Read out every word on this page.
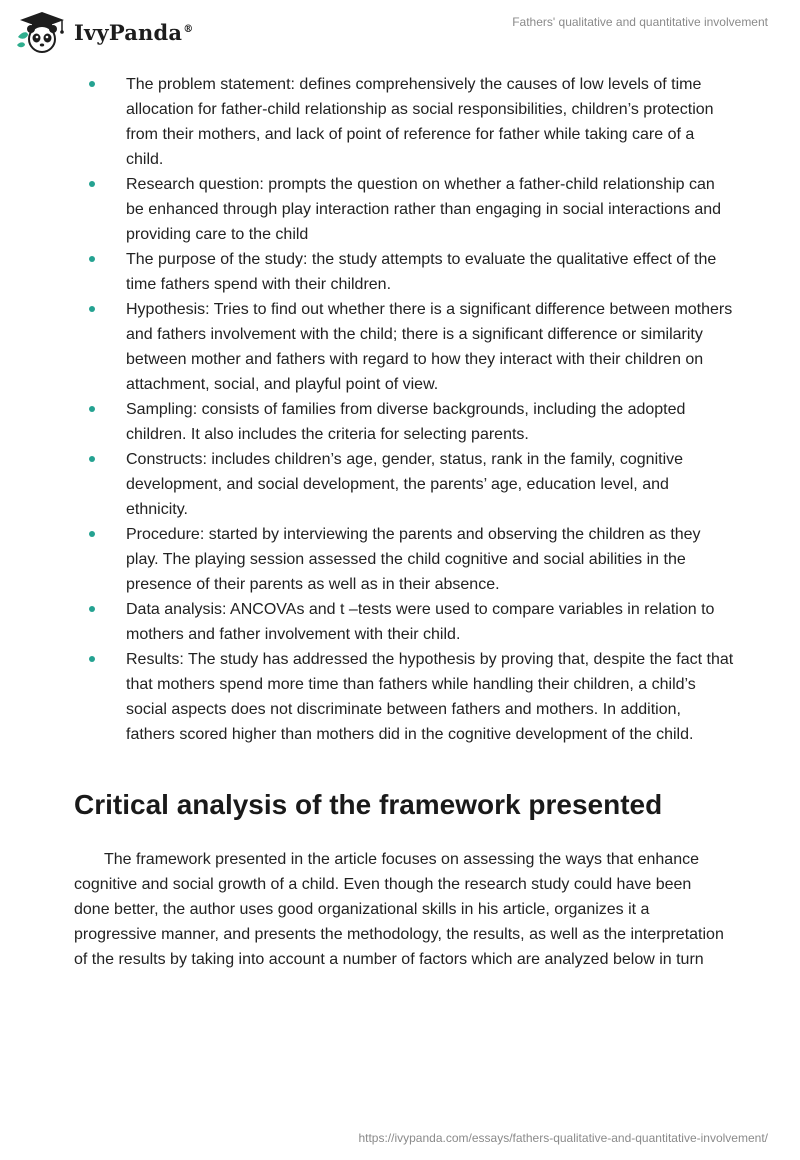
IvyPanda®	Fathers' qualitative and quantitative involvement
The problem statement: defines comprehensively the causes of low levels of time allocation for father-child relationship as social responsibilities, children’s protection from their mothers, and lack of point of reference for father while taking care of a child.
Research question: prompts the question on whether a father-child relationship can be enhanced through play interaction rather than engaging in social interactions and providing care to the child
The purpose of the study: the study attempts to evaluate the qualitative effect of the time fathers spend with their children.
Hypothesis: Tries to find out whether there is a significant difference between mothers and fathers involvement with the child; there is a significant difference or similarity between mother and fathers with regard to how they interact with their children on attachment, social, and playful point of view.
Sampling: consists of families from diverse backgrounds, including the adopted children. It also includes the criteria for selecting parents.
Constructs: includes children’s age, gender, status, rank in the family, cognitive development, and social development, the parents’ age, education level, and ethnicity.
Procedure: started by interviewing the parents and observing the children as they play. The playing session assessed the child cognitive and social abilities in the presence of their parents as well as in their absence.
Data analysis: ANCOVAs and t –tests were used to compare variables in relation to mothers and father involvement with their child.
Results: The study has addressed the hypothesis by proving that, despite the fact that that mothers spend more time than fathers while handling their children, a child’s social aspects does not discriminate between fathers and mothers. In addition, fathers scored higher than mothers did in the cognitive development of the child.
Critical analysis of the framework presented

The framework presented in the article focuses on assessing the ways that enhance cognitive and social growth of a child. Even though the research study could have been done better, the author uses good organizational skills in his article, organizes it a progressive manner, and presents the methodology, the results, as well as the interpretation of the results by taking into account a number of factors which are analyzed below in turn

https://ivypanda.com/essays/fathers-qualitative-and-quantitative-involvement/
